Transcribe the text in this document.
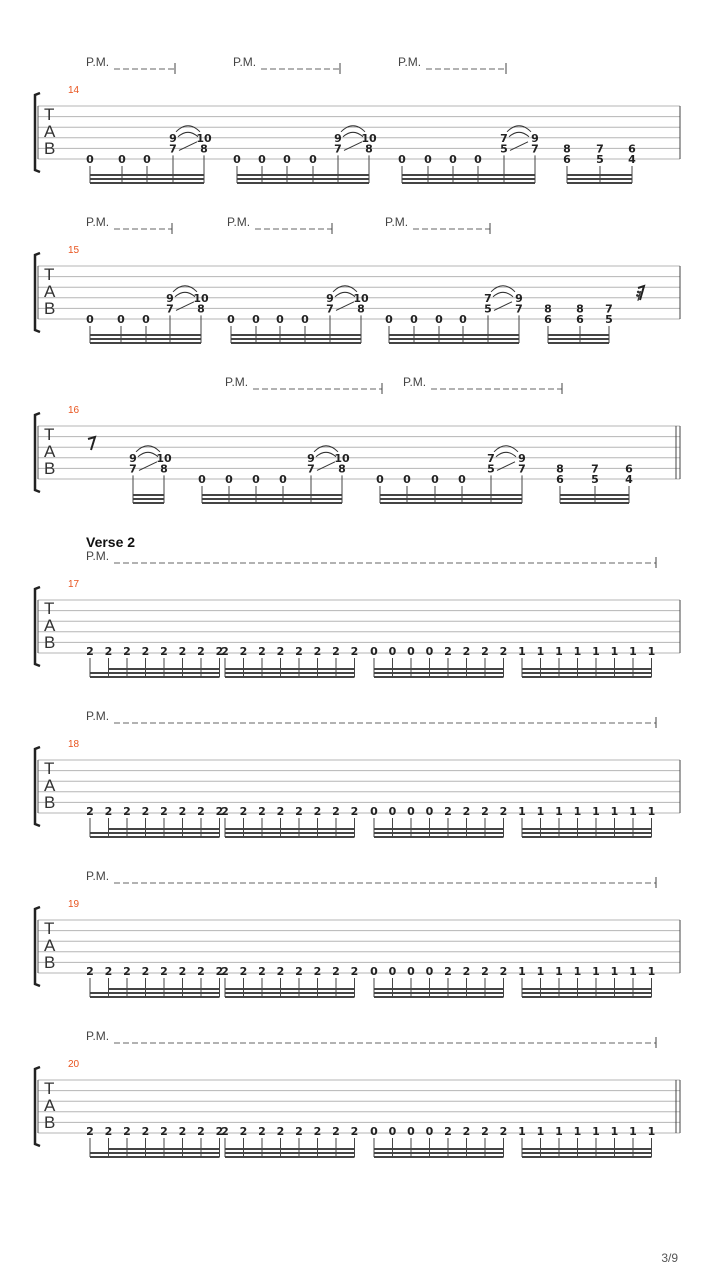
T
A
B
14
P.M.	P.M.	P.M.
0 0 0
9
7
10
8
0 0 0 0
9
7
10
8
0 0 0 0
7
5
9
7 8
6
7
5
6
4
T
A
B
15
P.M.	P.M.	P.M.
0 0 0
9
7
10
8
0 0 0 0
9
7
10
8
0 0 0 0
7
5
9
7 8
6
8
6
7
5
𝄿
T
A
B
16
P.M.	P.M.
9
7
10
8
0 0 0 0
9
7
10
8
0 0 0 0
7
5
9
7	8
6
7
5
6
4
T
A
B
17
Verse 2
P.M.
2 2 2 2 2 2 2 2
2 2 2 2 2 2 2 2 0 0 0 0 2 2 2 2 1 1 1 1 1 1 1 1
T
A
B
18
P.M.
2 2 2 2 2 2 2 2
2 2 2 2 2 2 2 2 0 0 0 0 2 2 2 2 1 1 1 1 1 1 1 1
T
A
B
19
P.M.
2 2 2 2 2 2 2 2
2 2 2 2 2 2 2 2 0 0 0 0 2 2 2 2 1 1 1 1 1 1 1 1
T
A
B
20
P.M.
2 2 2 2 2 2 2 2
2 2 2 2 2 2 2 2 0 0 0 0 2 2 2 2 1 1 1 1 1 1 1 1
3/9
